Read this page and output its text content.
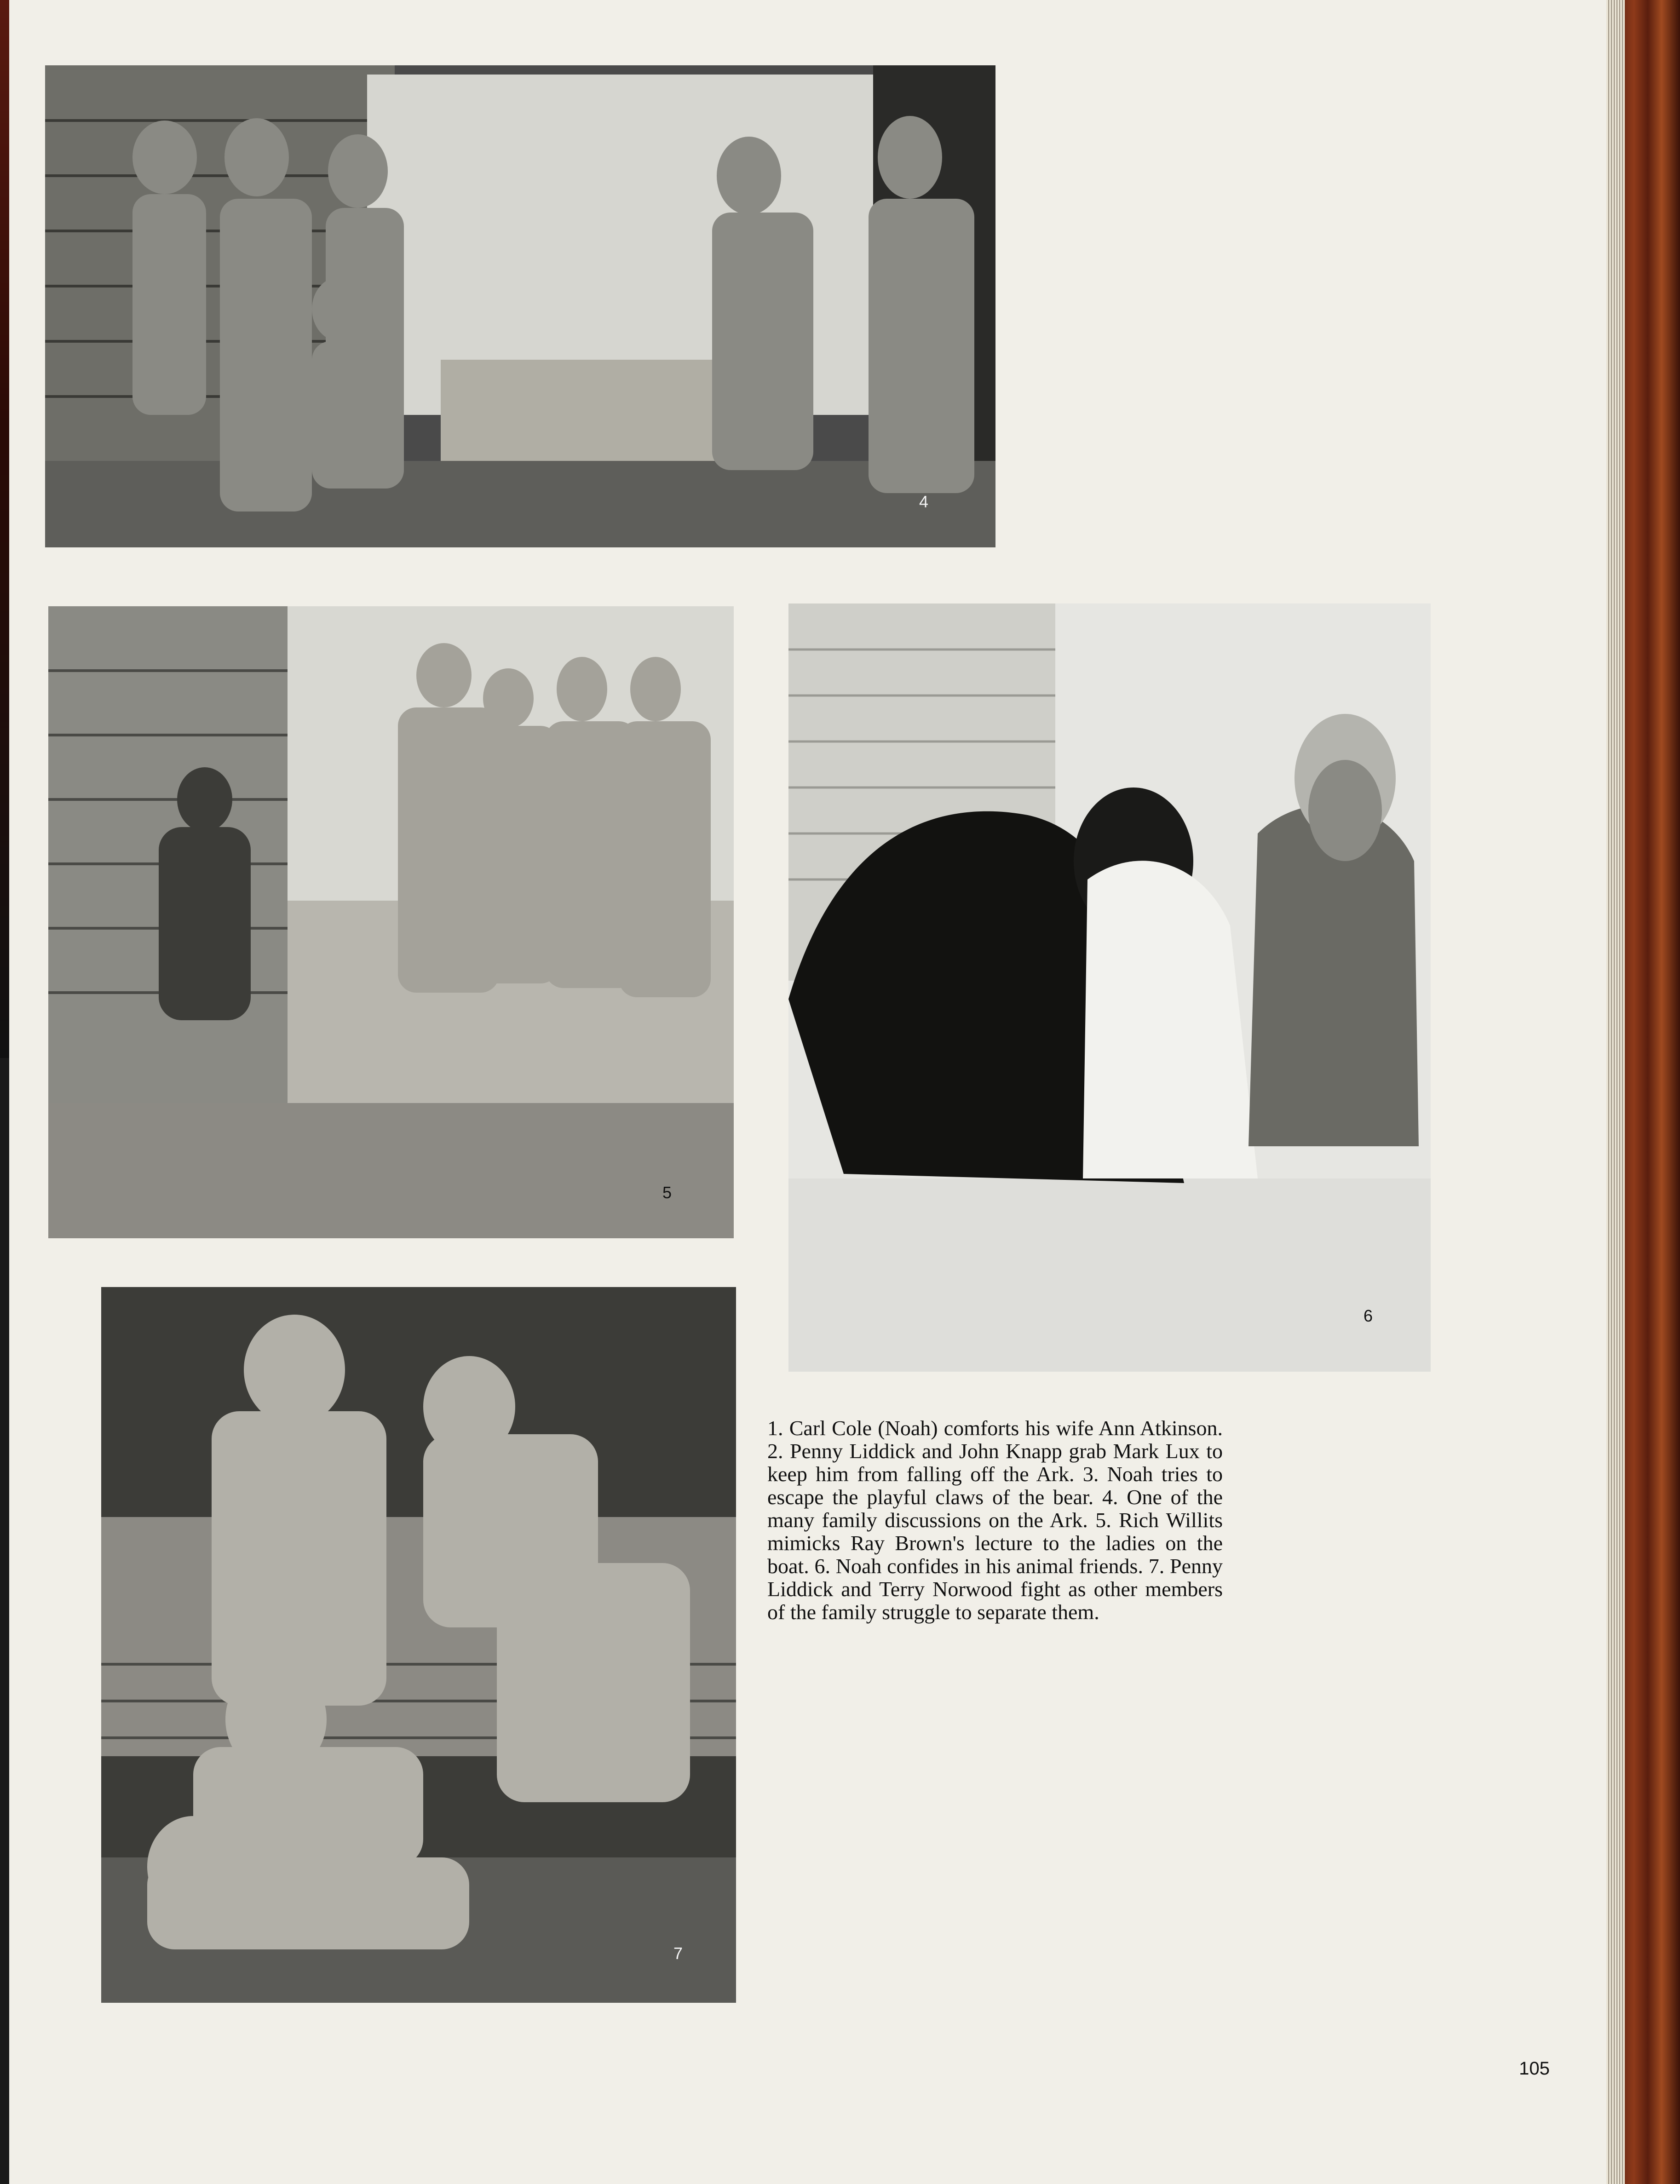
4
5
6
7

1. Carl Cole (Noah) comforts his wife Ann Atkinson. 2. Penny Liddick and John Knapp grab Mark Lux to keep him from falling off the Ark. 3. Noah tries to escape the playful claws of the bear. 4. One of the many family discussions on the Ark. 5. Rich Willits mimicks Ray Brown's lecture to the ladies on the boat. 6. Noah confides in his animal friends. 7. Penny Liddick and Terry Norwood fight as other members of the family struggle to separate them.

105
